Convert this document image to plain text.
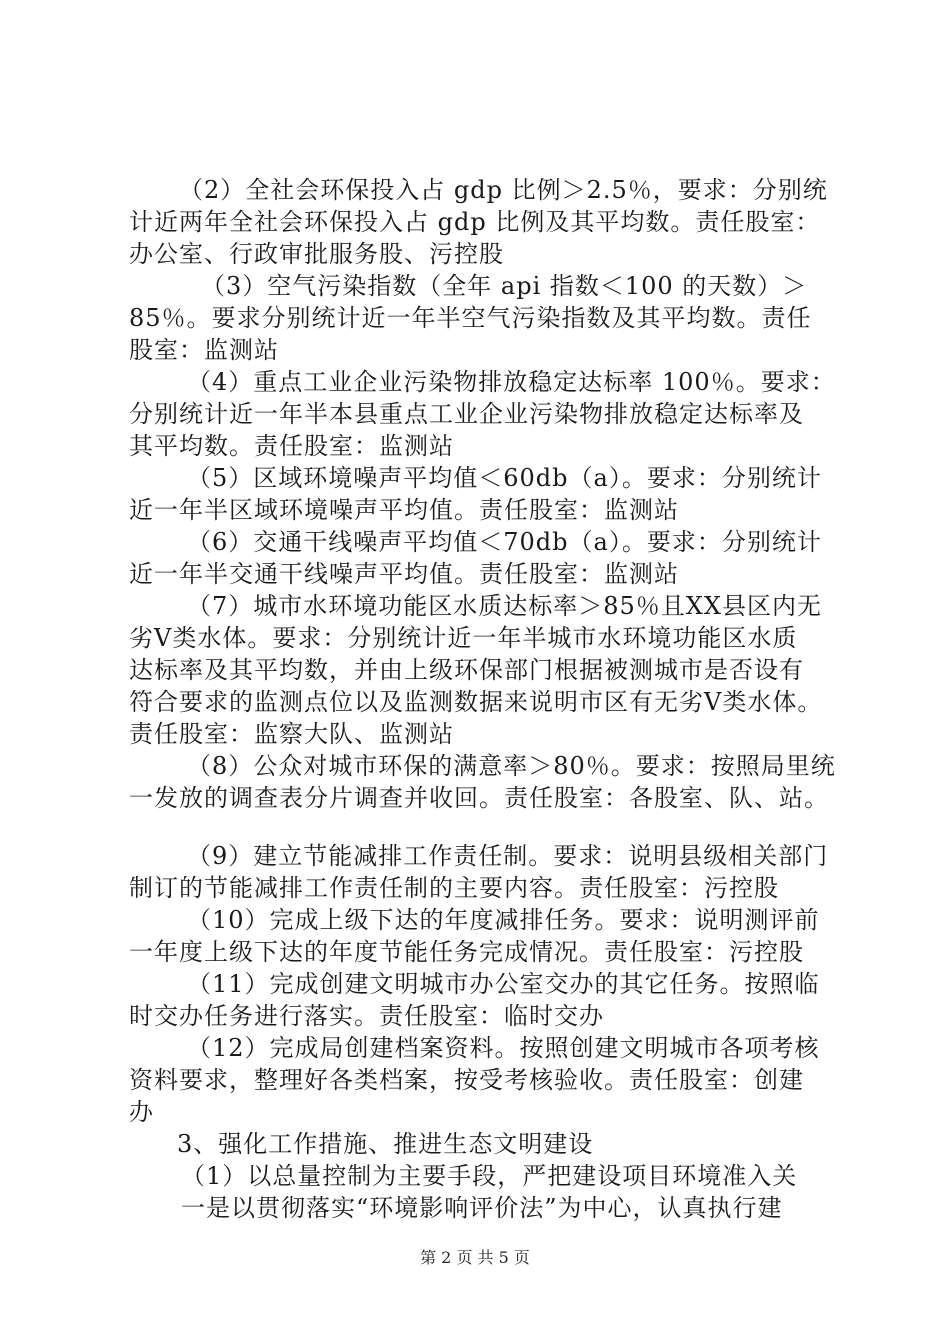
（2）全社会环保投入占 gdp 比例＞2.5％，要求：分别统
计近两年全社会环保投入占 gdp 比例及其平均数。责任股室：
办公室、行政审批服务股、污控股
（3）空气污染指数（全年 api 指数＜100 的天数）＞
85％。要求分别统计近一年半空气污染指数及其平均数。责任
股室：监测站
（4）重点工业企业污染物排放稳定达标率 100％。要求：
分别统计近一年半本县重点工业企业污染物排放稳定达标率及
其平均数。责任股室：监测站
（5）区域环境噪声平均值＜60db（a）。要求：分别统计
近一年半区域环境噪声平均值。责任股室：监测站
（6）交通干线噪声平均值＜70db（a）。要求：分别统计
近一年半交通干线噪声平均值。责任股室：监测站
（7）城市水环境功能区水质达标率＞85％且XX县区内无
劣Ⅴ类水体。要求：分别统计近一年半城市水环境功能区水质
达标率及其平均数，并由上级环保部门根据被测城市是否设有
符合要求的监测点位以及监测数据来说明市区有无劣Ⅴ类水体。
责任股室：监察大队、监测站
（8）公众对城市环保的满意率＞80％。要求：按照局里统
一发放的调查表分片调查并收回。责任股室：各股室、队、站。
（9）建立节能减排工作责任制。要求：说明县级相关部门
制订的节能减排工作责任制的主要内容。责任股室：污控股
（10）完成上级下达的年度减排任务。要求：说明测评前
一年度上级下达的年度节能任务完成情况。责任股室：污控股
（11）完成创建文明城市办公室交办的其它任务。按照临
时交办任务进行落实。责任股室：临时交办
（12）完成局创建档案资料。按照创建文明城市各项考核
资料要求，整理好各类档案，按受考核验收。责任股室：创建
办
3、强化工作措施、推进生态文明建设
（1）以总量控制为主要手段，严把建设项目环境准入关
一是以贯彻落实“环境影响评价法”为中心，认真执行建
第 2 页 共 5 页
